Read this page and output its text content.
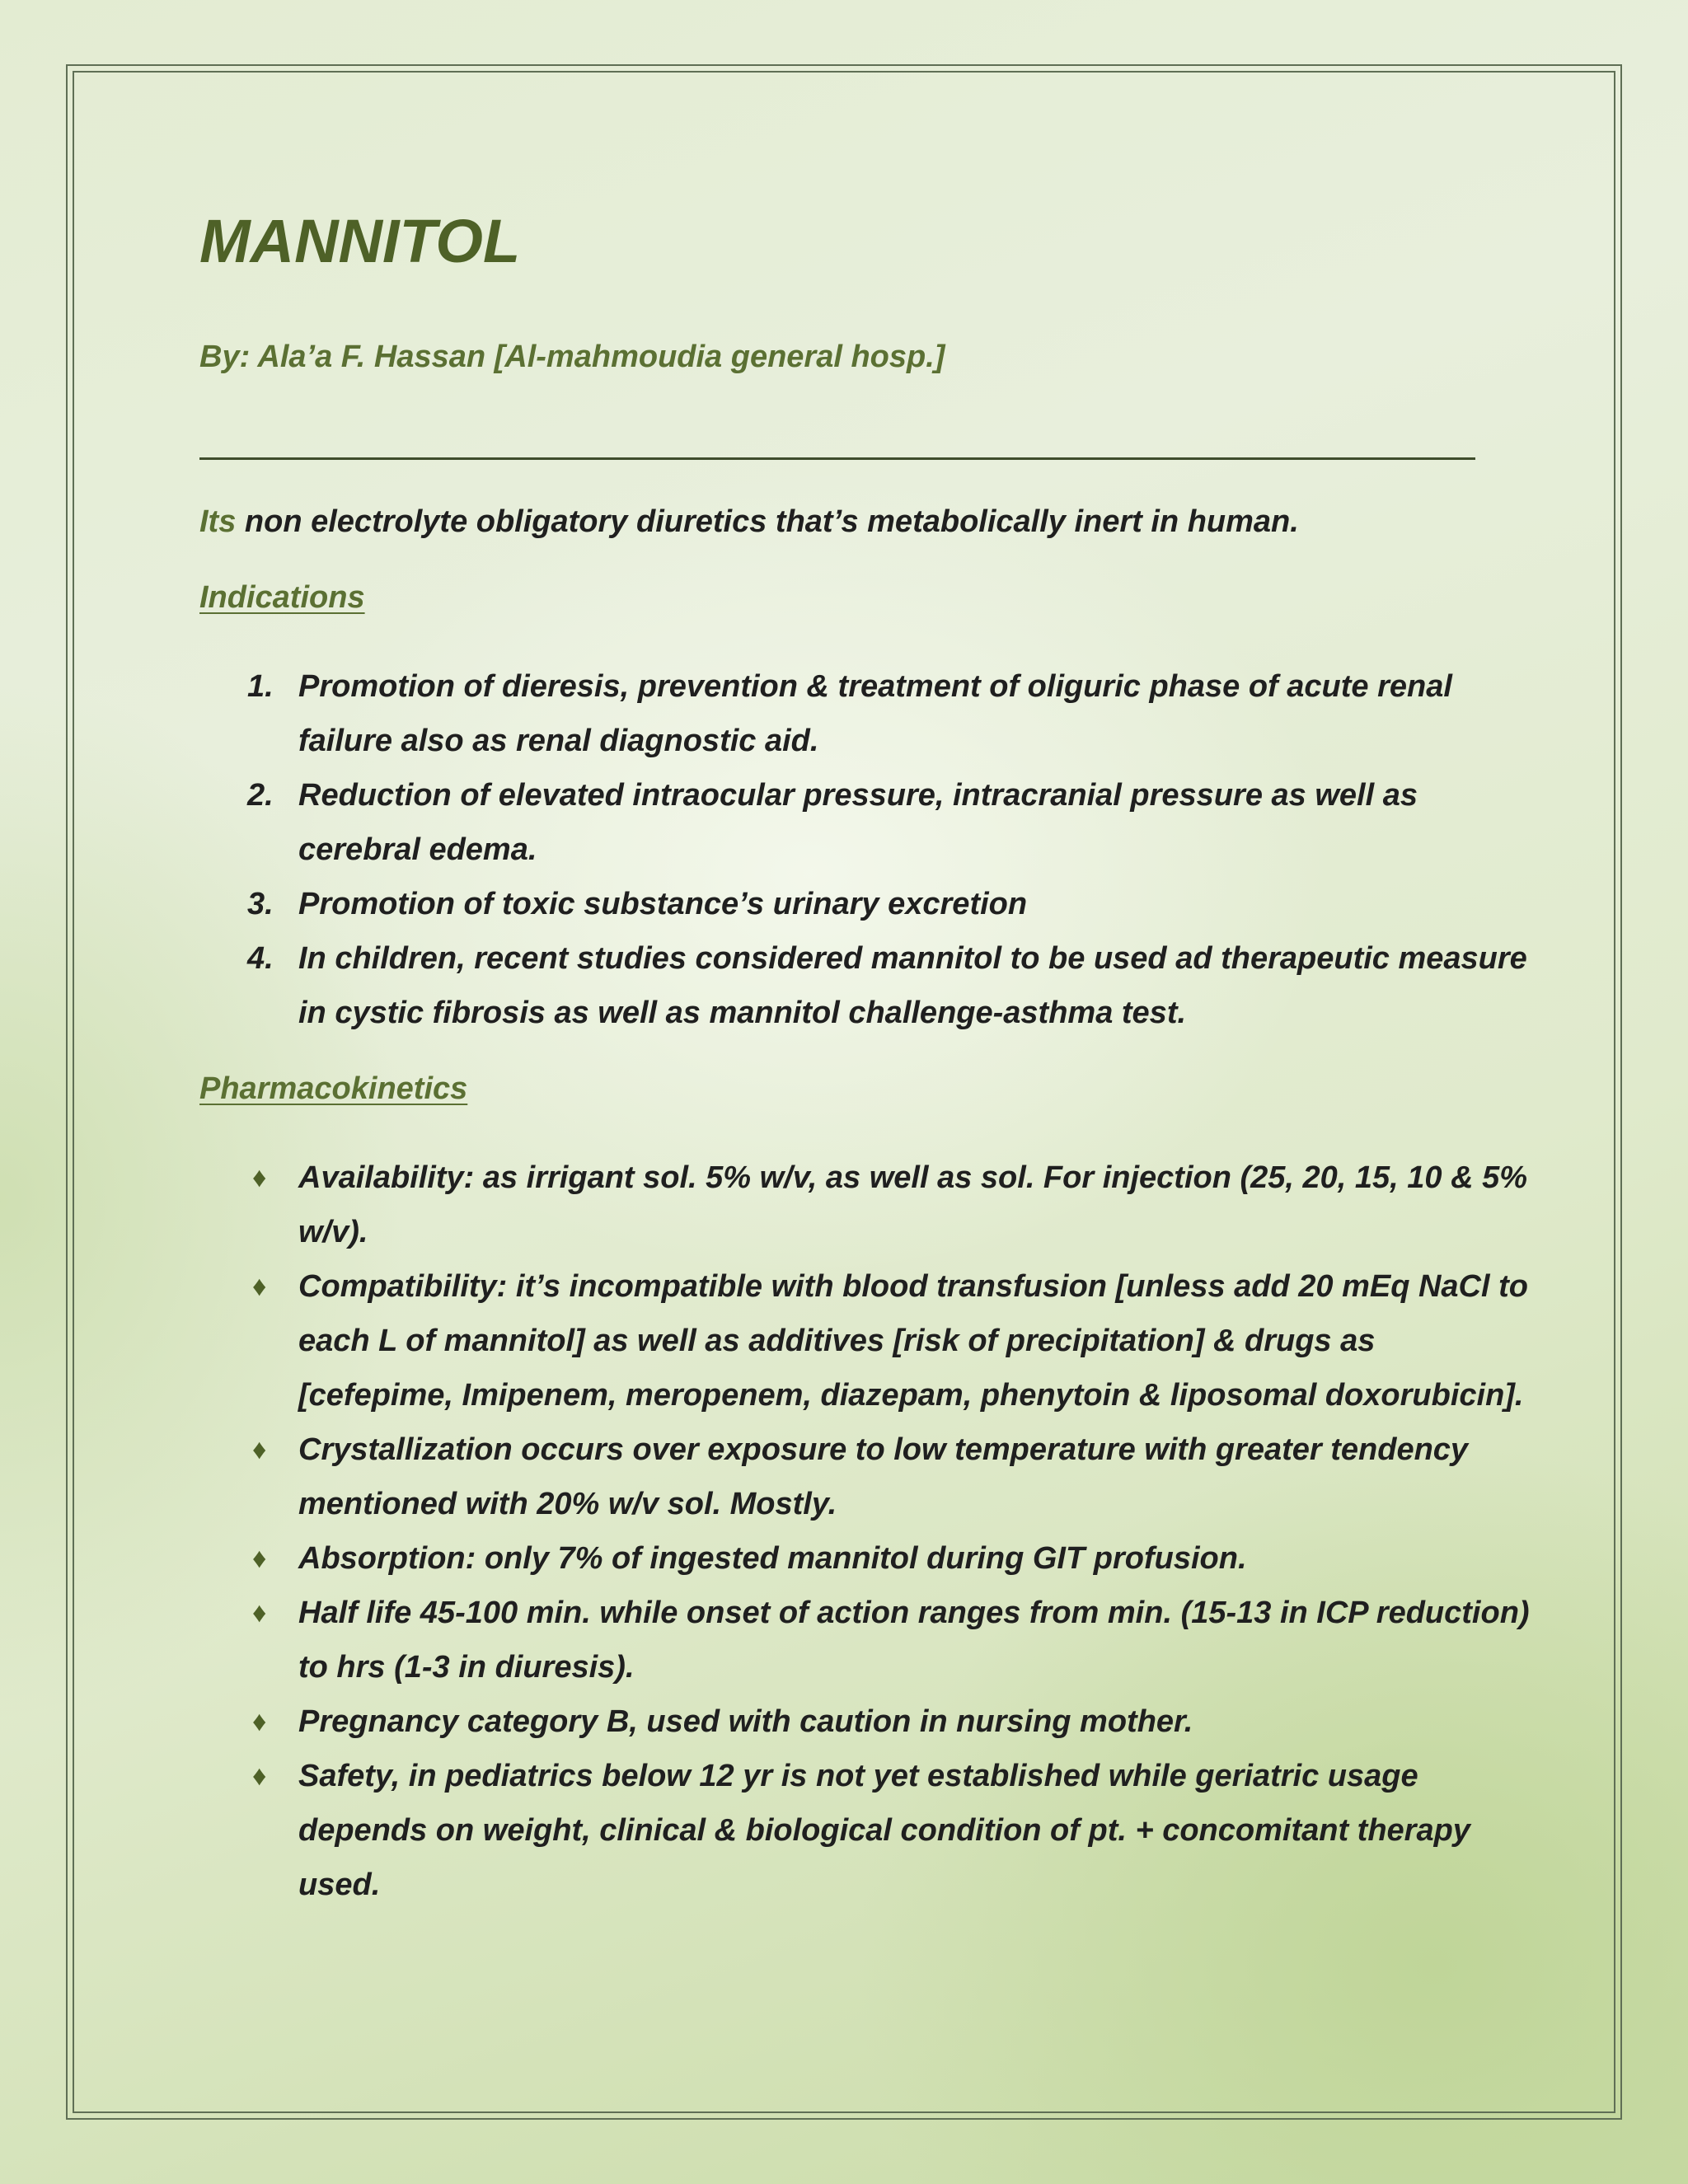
MANNITOL

By: Ala’a F. Hassan [Al-mahmoudia general hosp.]

Its non electrolyte obligatory diuretics that’s metabolically inert in human.

Indications
1. Promotion of dieresis, prevention & treatment of oliguric phase of acute renal failure also as renal diagnostic aid.
2. Reduction of elevated intraocular pressure, intracranial pressure as well as cerebral edema.
3. Promotion of toxic substance’s urinary excretion
4. In children, recent studies considered mannitol to be used ad therapeutic measure in cystic fibrosis as well as mannitol challenge-asthma test.
Pharmacokinetics
♦ Availability: as irrigant sol. 5% w/v, as well as sol. For injection (25, 20, 15, 10 & 5% w/v).
♦ Compatibility: it’s incompatible with blood transfusion [unless add 20 mEq NaCl to each L of mannitol] as well as additives [risk of precipitation] & drugs as [cefepime, Imipenem, meropenem, diazepam, phenytoin & liposomal doxorubicin].
♦ Crystallization occurs over exposure to low temperature with greater tendency mentioned with 20% w/v sol. Mostly.
♦ Absorption: only 7% of ingested mannitol during GIT profusion.
♦ Half life 45-100 min. while onset of action ranges from min. (15-13 in ICP reduction) to hrs (1-3 in diuresis).
♦ Pregnancy category B, used with caution in nursing mother.
♦ Safety, in pediatrics below 12 yr is not yet established while geriatric usage depends on weight, clinical & biological condition of pt. + concomitant therapy used.
